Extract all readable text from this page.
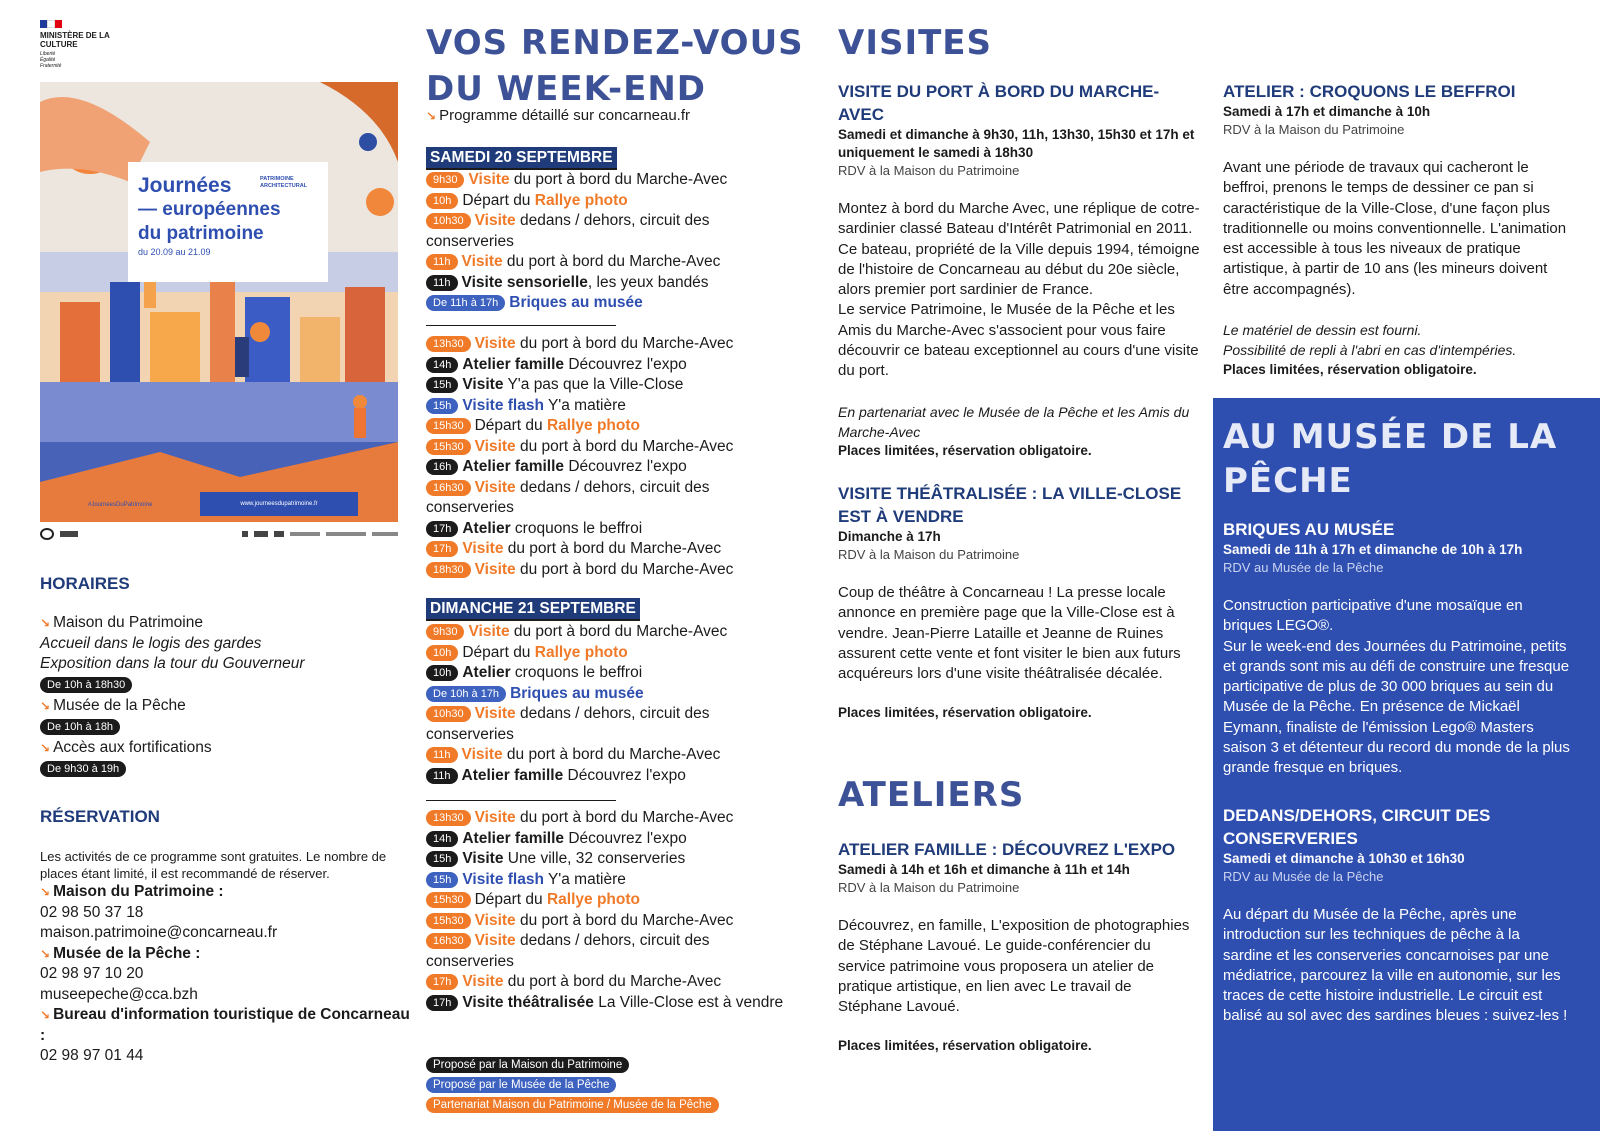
MINISTÈRE DE LA CULTURE
Liberté Égalité Fraternité
Journées	PATRIMOINE ARCHITECTURAL
— européennes
du patrimoine
du 20.09 au 21.09
#JourneesDuPatrimoine	www.journeesdupatrimoine.fr
HORAIRES
↘ Maison du Patrimoine
Accueil dans le logis des gardes
Exposition dans la tour du Gouverneur
De 10h à 18h30
↘ Musée de la Pêche
De 10h à 18h
↘ Accès aux fortifications
De 9h30 à 19h
RÉSERVATION
Les activités de ce programme sont gratuites. Le nombre de places étant limité, il est recommandé de réserver.
↘ Maison du Patrimoine :
02 98 50 37 18
maison.patrimoine@concarneau.fr
↘ Musée de la Pêche :
02 98 97 10 20
museepeche@cca.bzh
↘ Bureau d'information touristique de Concarneau :
02 98 97 01 44
VOS RENDEZ-VOUS
DU WEEK-END
↘ Programme détaillé sur concarneau.fr
SAMEDI 20 SEPTEMBRE
9h30 Visite du port à bord du Marche-Avec
10h Départ du Rallye photo
10h30 Visite dedans / dehors, circuit des conserveries
11h Visite du port à bord du Marche-Avec
11h Visite sensorielle, les yeux bandés
De 11h à 17h Briques au musée
13h30 Visite du port à bord du Marche-Avec
14h Atelier famille Découvrez l'expo
15h Visite Y'a pas que la Ville-Close
15h Visite flash Y'a matière
15h30 Départ du Rallye photo
15h30 Visite du port à bord du Marche-Avec
16h Atelier famille Découvrez l'expo
16h30 Visite dedans / dehors, circuit des conserveries
17h Atelier croquons le beffroi
17h Visite du port à bord du Marche-Avec
18h30 Visite du port à bord du Marche-Avec
DIMANCHE 21 SEPTEMBRE
9h30 Visite du port à bord du Marche-Avec
10h Départ du Rallye photo
10h Atelier croquons le beffroi
De 10h à 17h Briques au musée
10h30 Visite dedans / dehors, circuit des conserveries
11h Visite du port à bord du Marche-Avec
11h Atelier famille Découvrez l'expo
13h30 Visite du port à bord du Marche-Avec
14h Atelier famille Découvrez l'expo
15h Visite Une ville, 32 conserveries
15h Visite flash Y'a matière
15h30 Départ du Rallye photo
15h30 Visite du port à bord du Marche-Avec
16h30 Visite dedans / dehors, circuit des conserveries
17h Visite du port à bord du Marche-Avec
17h Visite théâtralisée La Ville-Close est à vendre
Proposé par la Maison du Patrimoine
Proposé par le Musée de la Pêche
Partenariat Maison du Patrimoine / Musée de la Pêche
VISITES
VISITE DU PORT À BORD DU MARCHE-AVEC
Samedi et dimanche à 9h30, 11h, 13h30, 15h30 et 17h et uniquement le samedi à 18h30
RDV à la Maison du Patrimoine
Montez à bord du Marche Avec, une réplique de cotre-sardinier classé Bateau d'Intérêt Patrimonial en 2011. Ce bateau, propriété de la Ville depuis 1994, témoigne de l'histoire de Concarneau au début du 20e siècle, alors premier port sardinier de France.
Le service Patrimoine, le Musée de la Pêche et les Amis du Marche-Avec s'associent pour vous faire découvrir ce bateau exceptionnel au cours d'une visite du port.
En partenariat avec le Musée de la Pêche et les Amis du Marche-Avec
Places limitées, réservation obligatoire.
VISITE THÉÂTRALISÉE : LA VILLE-CLOSE EST À VENDRE
Dimanche à 17h
RDV à la Maison du Patrimoine
Coup de théâtre à Concarneau ! La presse locale annonce en première page que la Ville-Close est à vendre. Jean-Pierre Lataille et Jeanne de Ruines assurent cette vente et font visiter le bien aux futurs acquéreurs lors d'une visite théâtralisée décalée.
Places limitées, réservation obligatoire.
ATELIERS
ATELIER FAMILLE : DÉCOUVREZ L'EXPO
Samedi à 14h et 16h et dimanche à 11h et 14h
RDV à la Maison du Patrimoine
Découvrez, en famille, L'exposition de photographies de Stéphane Lavoué. Le guide-conférencier du service patrimoine vous proposera un atelier de pratique artistique, en lien avec Le travail de Stéphane Lavoué.
Places limitées, réservation obligatoire.
ATELIER : CROQUONS LE BEFFROI
Samedi à 17h et dimanche à 10h
RDV à la Maison du Patrimoine
Avant une période de travaux qui cacheront le beffroi, prenons le temps de dessiner ce pan si caractéristique de la Ville-Close, d'une façon plus traditionnelle ou moins conventionnelle. L'animation est accessible à tous les niveaux de pratique artistique, à partir de 10 ans (les mineurs doivent être accompagnés).
Le matériel de dessin est fourni.
Possibilité de repli à l'abri en cas d'intempéries.
Places limitées, réservation obligatoire.
AU MUSÉE DE LA
PÊCHE
BRIQUES AU MUSÉE
Samedi de 11h à 17h et dimanche de 10h à 17h
RDV au Musée de la Pêche
Construction participative d'une mosaïque en briques LEGO®.
Sur le week-end des Journées du Patrimoine, petits et grands sont mis au défi de construire une fresque participative de plus de 30 000 briques au sein du Musée de la Pêche. En présence de Mickaël Eymann, finaliste de l'émission Lego® Masters saison 3 et détenteur du record du monde de la plus grande fresque en briques.
DEDANS/DEHORS, CIRCUIT DES CONSERVERIES
Samedi et dimanche à 10h30 et 16h30
RDV au Musée de la Pêche
Au départ du Musée de la Pêche, après une introduction sur les techniques de pêche à la sardine et les conserveries concarnoises par une médiatrice, parcourez la ville en autonomie, sur les traces de cette histoire industrielle. Le circuit est balisé au sol avec des sardines bleues : suivez-les !
